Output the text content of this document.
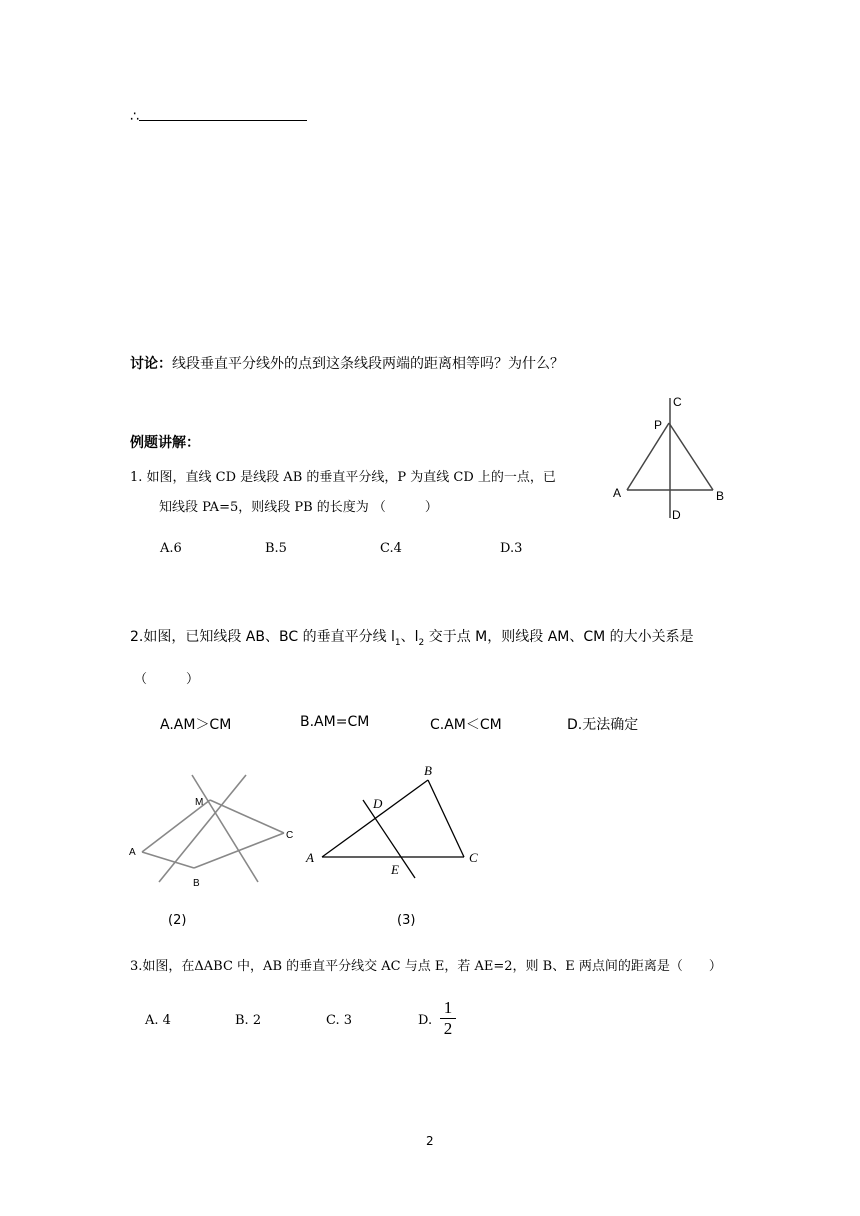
∴
讨论：线段垂直平分线外的点到这条线段两端的距离相等吗？为什么？
例题讲解：
1. 如图，直线 CD 是线段 AB 的垂直平分线，P 为直线 CD 上的一点，已
知线段 PA=5，则线段 PB 的长度为 （　　　）
A.6	B.5	C.4	D.3
C
P
A	B
D
2.如图，已知线段 AB、BC 的垂直平分线 $l_1$、$l_2$ 交于点 M，则线段 AM、CM 的大小关系是
（　　　）
A.AM＞CM	B.AM=CM	C.AM＜CM	D.无法确定
M
A
B
C
(2)
A
B
C
D
E
(3)
3.如图，在ΔABC 中，AB 的垂直平分线交 AC 与点 E，若 AE=2，则 B、E 两点间的距离是（　　）
A. 4	B. 2	C. 3	D.
1
2
2
